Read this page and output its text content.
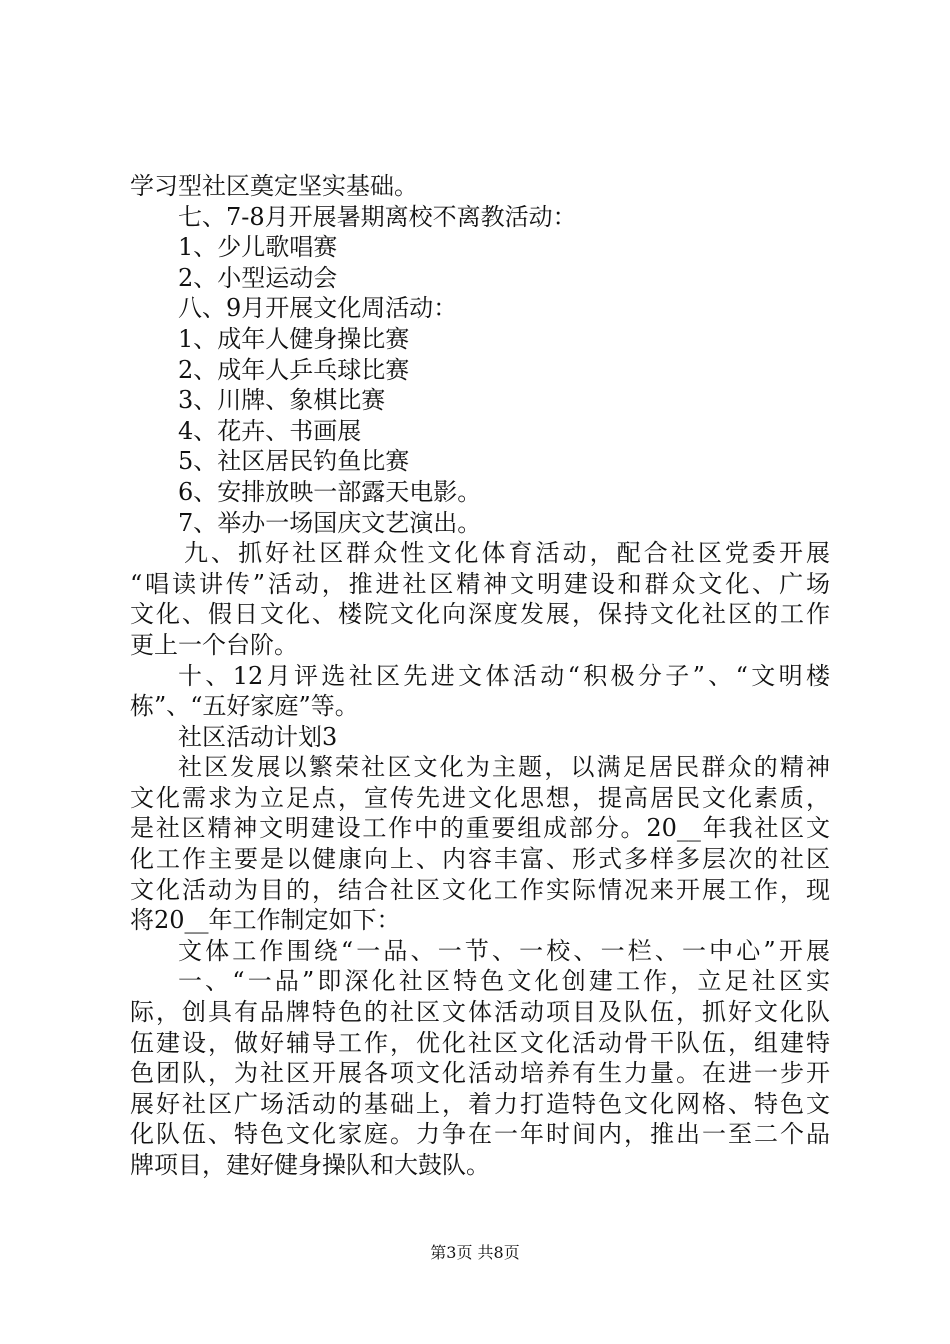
学习型社区奠定坚实基础。
七、7-8月开展暑期离校不离教活动：
1、少儿歌唱赛
2、小型运动会
八、9月开展文化周活动：
1、成年人健身操比赛
2、成年人乒乓球比赛
3、川牌、象棋比赛
4、花卉、书画展
5、社区居民钓鱼比赛
6、安排放映一部露天电影。
7、举办一场国庆文艺演出。
九、抓好社区群众性文化体育活动，配合社区党委开展
“唱读讲传”活动，推进社区精神文明建设和群众文化、广场
文化、假日文化、楼院文化向深度发展，保持文化社区的工作
更上一个台阶。
十、12月评选社区先进文体活动“积极分子”、“文明楼
栋”、“五好家庭”等。
社区活动计划3
社区发展以繁荣社区文化为主题，以满足居民群众的精神
文化需求为立足点，宣传先进文化思想，提高居民文化素质，
是社区精神文明建设工作中的重要组成部分。20__年我社区文
化工作主要是以健康向上、内容丰富、形式多样多层次的社区
文化活动为目的，结合社区文化工作实际情况来开展工作，现
将20__年工作制定如下：
文体工作围绕“一品、一节、一校、一栏、一中心”开展
一、“一品”即深化社区特色文化创建工作，立足社区实
际，创具有品牌特色的社区文体活动项目及队伍，抓好文化队
伍建设，做好辅导工作，优化社区文化活动骨干队伍，组建特
色团队，为社区开展各项文化活动培养有生力量。在进一步开
展好社区广场活动的基础上，着力打造特色文化网格、特色文
化队伍、特色文化家庭。力争在一年时间内，推出一至二个品
牌项目，建好健身操队和大鼓队。
第3页 共8页
